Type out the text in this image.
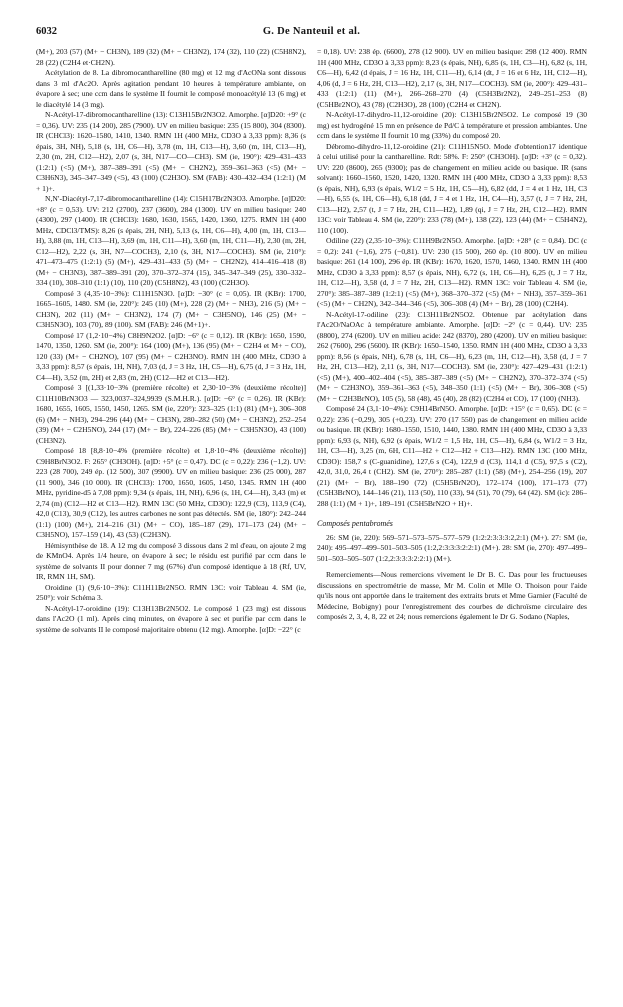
6032	G. De Nanteuil et al.

(M+), 203 (57) (M+ − CH3N), 189 (32) (M+ − CH3N2), 174 (32), 110 (22) (C5H8N2), 28 (22) (C2H4 et·CH2N).

Acétylation de 8. La dibromocantharelline (80 mg) et 12 mg d'AcONa sont dissous dans 3 ml d'Ac2O. Après agitation pendant 10 heures à température ambiante, on évapore à sec; une ccm dans le système II fournit le composé monoacétylé 13 (6 mg) et le diacétylé 14 (3 mg).

N-Acétyl-17-dibromocantharelline (13): C13H15Br2N3O2. Amorphe. [α]D20: +9° (c = 0,36). UV: 235 (14 200), 285 (7900). UV en milieu basique: 235 (15 800), 304 (8300). IR (CHCl3): 1620–1580, 1410, 1340. RMN 1H (400 MHz, CD3O à 3,33 ppm): 8,36 (s épais, 3H, NH), 5,18 (s, 1H, C6—H), 3,78 (m, 1H, C13—H), 3,60 (m, 1H, C13—H), 2,30 (m, 2H, C12—H2), 2,07 (s, 3H, N17—CO—CH3). SM (ie, 190°): 429–431–433 (1:2:1) (<5) (M+), 387–389–391 (<5) (M+ − CH2N2), 359–361–363 (<5) (M+ − C3H6N3), 345–347–349 (<5), 43 (100) (C2H3O). SM (FAB): 430–432–434 (1:2:1) (M + 1)+.

N,N′-Diacétyl-7,17-dibromocantharelline (14): C15H17Br2N3O3. Amorphe. [α]D20: +8° (c = 0,53). UV: 212 (2700), 237 (3600), 284 (1300). UV en milieu basique: 240 (4300), 297 (1400). IR (CHCl3): 1680, 1630, 1565, 1420, 1360, 1275. RMN 1H (400 MHz, CDCl3/TMS): 8,26 (s épais, 2H, NH), 5,13 (s, 1H, C6—H), 4,00 (m, 1H, C13—H), 3,88 (m, 1H, C13—H), 3,69 (m, 1H, C11—H), 3,60 (m, 1H, C11—H), 2,30 (m, 2H, C12—H2), 2,22 (s, 3H, N7—COCH3), 2,10 (s, 3H, N17—COCH3). SM (ie, 210°): 471–473–475 (1:2:1) (5) (M+), 429–431–433 (5) (M+ − CH2N2), 414–416–418 (8) (M+ − CH3N3), 387–389–391 (20), 370–372–374 (15), 345–347–349 (25), 330–332–334 (10), 308–310 (1:1) (10), 110 (20) (C5H8N2), 43 (100) (C2H3O).

Composé 3 (4,35·10−3%): C11H15N3O. [α]D: −30° (c = 0,05). IR (KBr): 1700, 1665–1605, 1480. SM (ie, 220°): 245 (10) (M+), 228 (2) (M+ − NH3), 216 (5) (M+ − CH3N), 202 (11) (M+ − CH3N2), 174 (7) (M+ − C3H5NO), 146 (25) (M+ − C3H5N3O), 103 (70), 89 (100). SM (FAB): 246 (M+1)+.

Composé 17 (1,2·10−4%) C8H9N2O2. [α]D: −6° (c = 0,12). IR (KBr): 1650, 1590, 1470, 1350, 1260. SM (ie, 200°): 164 (100) (M+), 136 (95) (M+ − C2H4 et M+ − CO), 120 (33) (M+ − CH2NO), 107 (95) (M+ − C2H3NO). RMN 1H (400 MHz, CD3O à 3,33 ppm): 8,57 (s épais, 1H, NH), 7,03 (d, J = 3 Hz, 1H, C5—H), 6,75 (d, J = 3 Hz, 1H, C4—H), 3,52 (m, 2H) et 2,83 (m, 2H) (C12—H2 et C13—H2).

Composé 3 [(1,33·10−3% (première récolte) et 2,30·10−3% (deuxième récolte)] C11H10BrN3O3 — 323,0037–324,9939 (S.M.H.R.). [α]D: −6° (c = 0,26). IR (KBr): 1680, 1655, 1605, 1550, 1450, 1265. SM (ie, 220°): 323–325 (1:1) (81) (M+), 306–308 (6) (M+ − NH3), 294–296 (44) (M+ − CH3N), 280–282 (50) (M+ − CH3N2), 252–254 (39) (M+ − C2H5NO), 244 (17) (M+ − Br), 224–226 (85) (M+ − C3H5N3O), 43 (100) (CH3N2).

Composé 18 [8,8·10−4% (première récolte) et 1,8·10−4% (deuxième récolte)] C9H8BrN3O2. F: 265° (CH3OH). [α]D: +5° (c = 0,47). DC (c = 0,22): 236 (−1,2). UV: 223 (28 700), 249 ép. (12 500), 307 (9900). UV en milieu basique: 236 (25 000), 287 (11 900), 346 (10 000). IR (CHCl3): 1700, 1650, 1605, 1450, 1345. RMN 1H (400 MHz, pyridine-d5 à 7,08 ppm): 9,34 (s épais, 1H, NH), 6,96 (s, 1H, C4—H), 3,43 (m) et 2,74 (m) (C12—H2 et C13—H2). RMN 13C (50 MHz, CD3O): 122,9 (C3), 113,9 (C4), 42,0 (C13), 30,9 (C12), les autres carbones ne sont pas détectés. SM (ie, 180°): 242–244 (1:1) (100) (M+), 214–216 (31) (M+ − CO), 185–187 (29), 171–173 (24) (M+ − C3H5NO), 157–159 (14), 43 (53) (C2H3N).

Hémisynthèse de 18. A 12 mg du composé 3 dissous dans 2 ml d'eau, on ajoute 2 mg de KMnO4. Après 1/4 heure, on évapore à sec; le résidu est purifié par ccm dans le système de solvants II pour donner 7 mg (67%) d'un composé identique à 18 (Rf, UV, IR, RMN 1H, SM).

Oroidine (1) (9,6·10−3%): C11H11Br2N5O. RMN 13C: voir Tableau 4. SM (ie, 250°): voir Schéma 3.

N-Acétyl-17-oroidine (19): C13H13Br2N5O2. Le composé 1 (23 mg) est dissous dans l'Ac2O (1 ml). Après cinq minutes, on évapore à sec et purifie par ccm dans le système de solvants II le composé majoritaire obtenu (12 mg). Amorphe. [α]D: −22° (c

= 0,18). UV: 238 ép. (6600), 278 (12 900). UV en milieu basique: 298 (12 400). RMN 1H (400 MHz, CD3O à 3,33 ppm): 8,23 (s épais, NH), 6,85 (s, 1H, C3—H), 6,82 (s, 1H, C6—H), 6,42 (d épais, J = 16 Hz, 1H, C11—H), 6,14 (dt, J = 16 et 6 Hz, 1H, C12—H), 4,06 (d, J = 6 Hz, 2H, C13—H2), 2,17 (s, 3H, N17—COCH3). SM (ie, 200°): 429–431–433 (1:2:1) (11) (M+), 266–268–270 (4) (C5H3Br2N2), 249–251–253 (8) (C5HBr2NO), 43 (78) (C2H3O), 28 (100) (C2H4 et CH2N).

N-Acétyl-17-dihydro-11,12-oroidine (20): C13H15Br2N5O2. Le composé 19 (30 mg) est hydrogéné 15 mn en présence de Pd/C à température et pression ambiantes. Une ccm dans le système II fournit 10 mg (33%) du composé 20.

Débromo-dihydro-11,12-oroidine (21): C11H15N5O. Mode d'obtention17 identique à celui utilisé pour la cantharelline. Rdt: 58%. F: 250° (CH3OH). [α]D: +3° (c = 0,32). UV: 220 (8600), 265 (9300); pas de changement en milieu acide ou basique. IR (sans solvant): 1660–1560, 1520, 1420, 1320. RMN 1H (400 MHz, CD3O à 3,33 ppm): 8,53 (s épais, NH), 6,93 (s épais, W1/2 = 5 Hz, 1H, C5—H), 6,82 (dd, J = 4 et 1 Hz, 1H, C3—H), 6,55 (s, 1H, C6—H), 6,18 (dd, J = 4 et 1 Hz, 1H, C4—H), 3,57 (t, J = 7 Hz, 2H, C13—H2), 2,57 (t, J = 7 Hz, 2H, C11—H2), 1,89 (qi, J = 7 Hz, 2H, C12—H2). RMN 13C: voir Tableau 4. SM (ie, 220°): 233 (78) (M+), 138 (22), 123 (44) (M+ − C5H4N2), 110 (100).

Odiline (22) (2,35·10−3%): C11H9Br2N5O. Amorphe. [α]D: +28° (c = 0,84). DC (c = 0,2): 241 (−1,6), 275 (−0,81). UV: 230 (15 500), 260 ép. (10 800). UV en milieu basique: 261 (14 100), 296 ép. IR (KBr): 1670, 1620, 1570, 1460, 1340. RMN 1H (400 MHz, CD3O à 3,33 ppm): 8,57 (s épais, NH), 6,72 (s, 1H, C6—H), 6,25 (t, J = 7 Hz, 1H, C12—H), 3,58 (d, J = 7 Hz, 2H, C13—H2). RMN 13C: voir Tableau 4. SM (ie, 270°): 385–387–389 (1:2:1) (<5) (M+), 368–370–372 (<5) (M+ − NH3), 357–359–361 (<5) (M+ − CH2N), 342–344–346 (<5), 306–308 (4) (M+ − Br), 28 (100) (C2H4).

N-Acétyl-17-odiline (23): C13H11Br2N5O2. Obtenue par acétylation dans l'Ac2O/NaOAc à température ambiante. Amorphe. [α]D: −2° (c = 0,44). UV: 235 (8800), 274 (6200). UV en milieu acide: 242 (8370), 280 (4200). UV en milieu basique: 262 (7600), 296 (5600). IR (KBr): 1650–1540, 1350. RMN 1H (400 MHz, CD3O à 3,33 ppm): 8,56 (s épais, NH), 6,78 (s, 1H, C6—H), 6,23 (m, 1H, C12—H), 3,58 (d, J = 7 Hz, 2H, C13—H2), 2,11 (s, 3H, N17—COCH3). SM (ie, 230°): 427–429–431 (1:2:1) (<5) (M+), 400–402–404 (<5), 385–387–389 (<5) (M+ − CH2N2), 370–372–374 (<5) (M+ − C2H3NO), 359–361–363 (<5), 348–350 (1:1) (<5) (M+ − Br), 306–308 (<5) (M+ − C2H3BrNO), 105 (5), 58 (48), 45 (40), 28 (82) (C2H4 et CO), 17 (100) (NH3).

Composé 24 (3,1·10−4%): C9H14BrN5O. Amorphe. [α]D: +15° (c = 0,65). DC (c = 0,22): 236 (−0,29), 305 (+0,23). UV: 270 (17 550) pas de changement en milieu acide ou basique. IR (KBr): 1680–1550, 1510, 1440, 1380. RMN 1H (400 MHz, CD3O à 3,33 ppm): 6,93 (s, NH), 6,92 (s épais, W1/2 = 1,5 Hz, 1H, C5—H), 6,84 (s, W1/2 = 3 Hz, 1H, C3—H), 3,25 (m, 6H, C11—H2 + C12—H2 + C13—H2). RMN 13C (100 MHz, CD3O): 158,7 s (C-guanidine), 127,6 s (C4), 122,9 d (C3), 114,1 d (C5), 97,5 s (C2), 42,0, 31,0, 26,4 t (CH2). SM (ie, 270°): 285–287 (1:1) (58) (M+), 254–256 (19), 207 (21) (M+ − Br), 188–190 (72) (C5H5BrN2O), 172–174 (100), 171–173 (77) (C5H3BrNO), 144–146 (21), 113 (50), 110 (33), 94 (51), 70 (79), 64 (42). SM (ic): 286–288 (1:1) (M + 1)+, 189–191 (C5H5BrN2O + H)+.

Composés pentabromés

26: SM (ie, 220): 569–571–573–575–577–579 (1:2:2:3:3:3:2,2:1) (M+). 27: SM (ie, 240): 495–497–499–501–503–505 (1:2,2:3:3:3:2:2:1) (M+). 28: SM (ie, 270): 497–499–501–503–505–507 (1:2,2:3:3:3:2:2:1) (M+).

Remerciements—Nous remercions vivement le Dr B. C. Das pour les fructueuses discussions en spectrométrie de masse, Mr M. Colin et Mlle O. Thoison pour l'aide qu'ils nous ont apportée dans le traitement des extraits bruts et Mme Garnier (Faculté de Médecine, Bobigny) pour l'enregistrement des courbes de dichroïsme circulaire des composés 2, 3, 4, 8, 22 et 24; nous remercions également le Dr G. Sodano (Naples,
